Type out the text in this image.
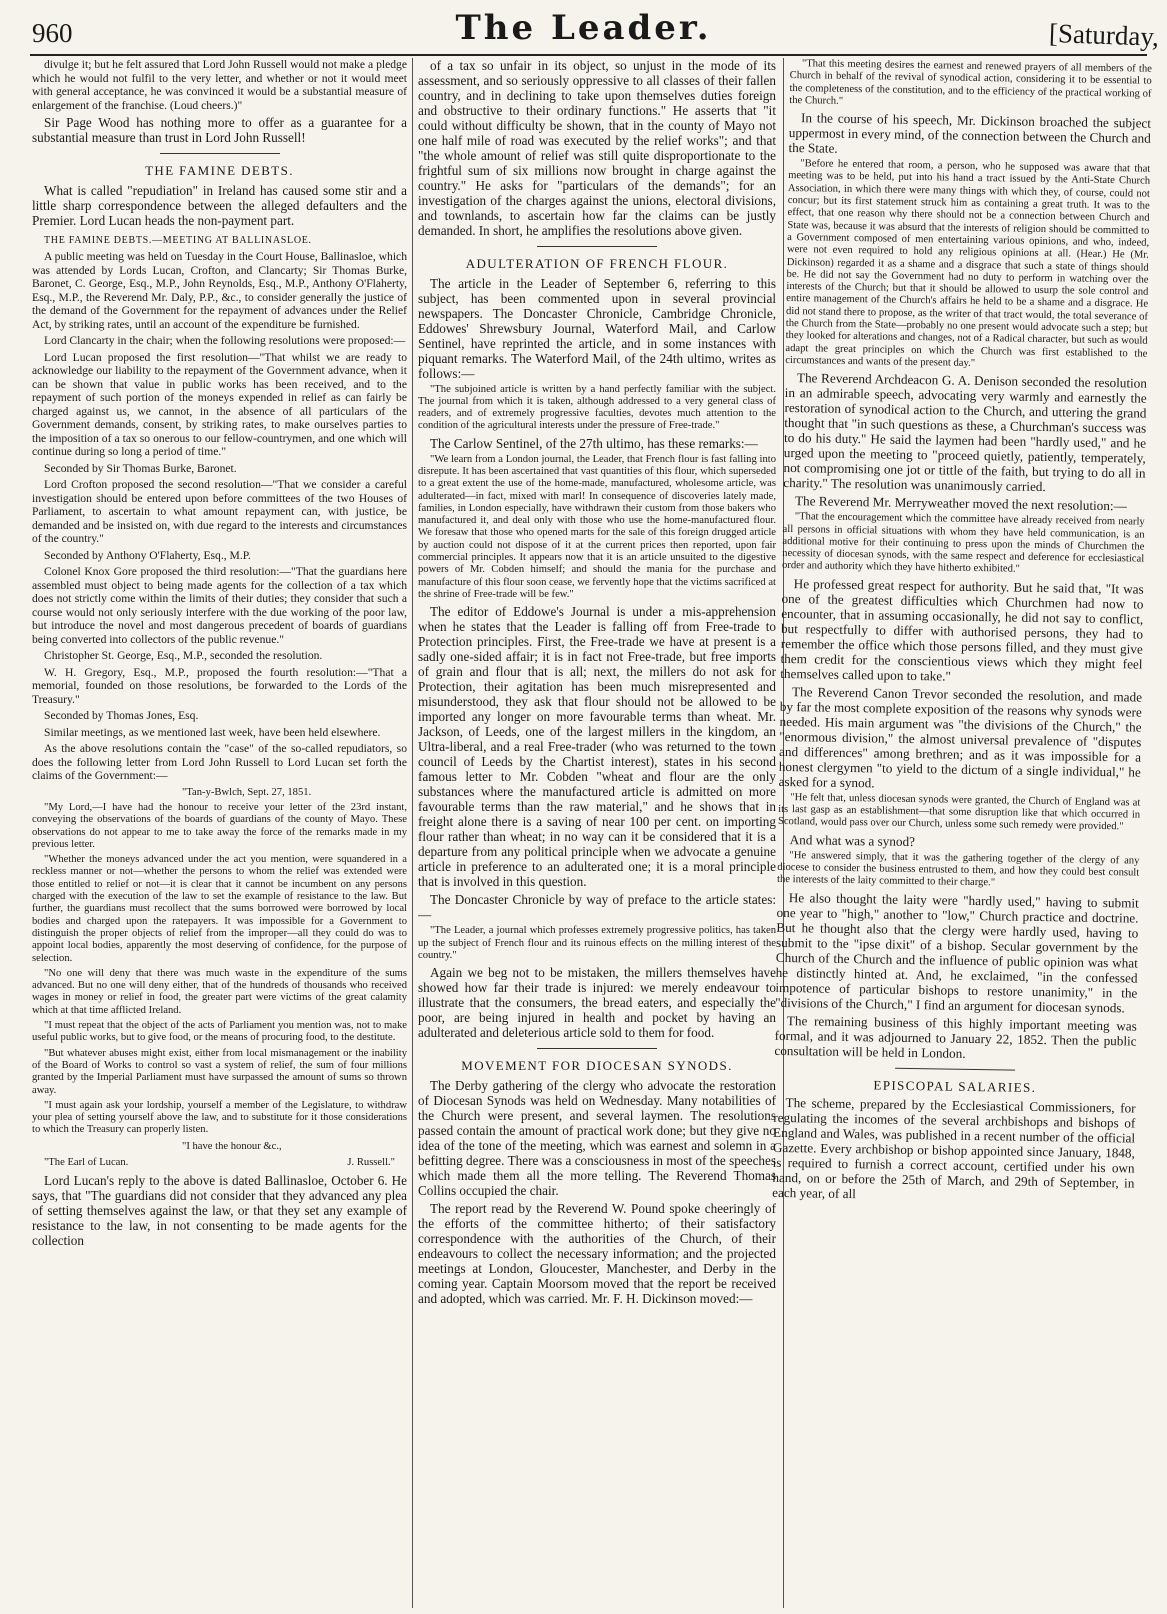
960	The Leader.	[Saturday,

divulge it; but he felt assured that Lord John Russell would not make a pledge which he would not fulfil to the very letter, and whether or not it would meet with general acceptance, he was convinced it would be a substantial measure of enlargement of the franchise. (Loud cheers.)"

Sir Page Wood has nothing more to offer as a guarantee for a substantial measure than trust in Lord John Russell!

THE FAMINE DEBTS.

What is called "repudiation" in Ireland has caused some stir and a little sharp correspondence between the alleged defaulters and the Premier. Lord Lucan heads the non-payment part.

THE FAMINE DEBTS.—MEETING AT BALLINASLOE.

A public meeting was held on Tuesday in the Court House, Ballinasloe, which was attended by Lords Lucan, Crofton, and Clancarty; Sir Thomas Burke, Baronet, C. George, Esq., M.P., John Reynolds, Esq., M.P., Anthony O'Flaherty, Esq., M.P., the Reverend Mr. Daly, P.P., &c., to consider generally the justice of the demand of the Government for the repayment of advances under the Relief Act, by striking rates, until an account of the expenditure be furnished.

Lord Clancarty in the chair; when the following resolutions were proposed:—

Lord Lucan proposed the first resolution—"That whilst we are ready to acknowledge our liability to the repayment of the Government advance, when it can be shown that value in public works has been received, and to the repayment of such portion of the moneys expended in relief as can fairly be charged against us, we cannot, in the absence of all particulars of the Government demands, consent, by striking rates, to make ourselves parties to the imposition of a tax so onerous to our fellow-countrymen, and one which will continue during so long a period of time."

Seconded by Sir Thomas Burke, Baronet.

Lord Crofton proposed the second resolution—"That we consider a careful investigation should be entered upon before committees of the two Houses of Parliament, to ascertain to what amount repayment can, with justice, be demanded and be insisted on, with due regard to the interests and circumstances of the country."

Seconded by Anthony O'Flaherty, Esq., M.P.

Colonel Knox Gore proposed the third resolution:—"That the guardians here assembled must object to being made agents for the collection of a tax which does not strictly come within the limits of their duties; they consider that such a course would not only seriously interfere with the due working of the poor law, but introduce the novel and most dangerous precedent of boards of guardians being converted into collectors of the public revenue."

Christopher St. George, Esq., M.P., seconded the resolution.

W. H. Gregory, Esq., M.P., proposed the fourth resolution:—"That a memorial, founded on those resolutions, be forwarded to the Lords of the Treasury."

Seconded by Thomas Jones, Esq.

Similar meetings, as we mentioned last week, have been held elsewhere.

As the above resolutions contain the "case" of the so-called repudiators, so does the following letter from Lord John Russell to Lord Lucan set forth the claims of the Government:—

"Tan-y-Bwlch, Sept. 27, 1851.

"My Lord,—I have had the honour to receive your letter of the 23rd instant, conveying the observations of the boards of guardians of the county of Mayo. These observations do not appear to me to take away the force of the remarks made in my previous letter.

"Whether the moneys advanced under the act you mention, were squandered in a reckless manner or not—whether the persons to whom the relief was extended were those entitled to relief or not—it is clear that it cannot be incumbent on any persons charged with the execution of the law to set the example of resistance to the law. But further, the guardians must recollect that the sums borrowed were borrowed by local bodies and charged upon the ratepayers. It was impossible for a Government to distinguish the proper objects of relief from the improper—all they could do was to appoint local bodies, apparently the most deserving of confidence, for the purpose of selection.

"No one will deny that there was much waste in the expenditure of the sums advanced. But no one will deny either, that of the hundreds of thousands who received wages in money or relief in food, the greater part were victims of the great calamity which at that time afflicted Ireland.

"I must repeat that the object of the acts of Parliament you mention was, not to make useful public works, but to give food, or the means of procuring food, to the destitute.

"But whatever abuses might exist, either from local mismanagement or the inability of the Board of Works to control so vast a system of relief, the sum of four millions granted by the Imperial Parliament must have surpassed the amount of sums so thrown away.

"I must again ask your lordship, yourself a member of the Legislature, to withdraw your plea of setting yourself above the law, and to substitute for it those considerations to which the Treasury can properly listen.

"I have the honour &c.,

"The Earl of Lucan.	J. Russell."

Lord Lucan's reply to the above is dated Ballinasloe, October 6. He says, that "The guardians did not consider that they advanced any plea of setting themselves against the law, or that they set any example of resistance to the law, in not consenting to be made agents for the collection

of a tax so unfair in its object, so unjust in the mode of its assessment, and so seriously oppressive to all classes of their fallen country, and in declining to take upon themselves duties foreign and obstructive to their ordinary functions." He asserts that "it could without difficulty be shown, that in the county of Mayo not one half mile of road was executed by the relief works"; and that "the whole amount of relief was still quite disproportionate to the frightful sum of six millions now brought in charge against the country." He asks for "particulars of the demands"; for an investigation of the charges against the unions, electoral divisions, and townlands, to ascertain how far the claims can be justly demanded. In short, he amplifies the resolutions above given.

ADULTERATION OF FRENCH FLOUR.

The article in the Leader of September 6, referring to this subject, has been commented upon in several provincial newspapers. The Doncaster Chronicle, Cambridge Chronicle, Eddowes' Shrewsbury Journal, Waterford Mail, and Carlow Sentinel, have reprinted the article, and in some instances with piquant remarks. The Waterford Mail, of the 24th ultimo, writes as follows:—

"The subjoined article is written by a hand perfectly familiar with the subject. The journal from which it is taken, although addressed to a very general class of readers, and of extremely progressive faculties, devotes much attention to the condition of the agricultural interests under the pressure of Free-trade."

The Carlow Sentinel, of the 27th ultimo, has these remarks:—

"We learn from a London journal, the Leader, that French flour is fast falling into disrepute. It has been ascertained that vast quantities of this flour, which superseded to a great extent the use of the home-made, manufactured, wholesome article, was adulterated—in fact, mixed with marl! In consequence of discoveries lately made, families, in London especially, have withdrawn their custom from those bakers who manufactured it, and deal only with those who use the home-manufactured flour. We foresaw that those who opened marts for the sale of this foreign drugged article by auction could not dispose of it at the current prices then reported, upon fair commercial principles. It appears now that it is an article unsuited to the digestive powers of Mr. Cobden himself; and should the mania for the purchase and manufacture of this flour soon cease, we fervently hope that the victims sacrificed at the shrine of Free-trade will be few."

The editor of Eddowe's Journal is under a mis-apprehension when he states that the Leader is falling off from Free-trade to Protection principles. First, the Free-trade we have at present is a sadly one-sided affair; it is in fact not Free-trade, but free imports of grain and flour that is all; next, the millers do not ask for Protection, their agitation has been much misrepresented and misunderstood, they ask that flour should not be allowed to be imported any longer on more favourable terms than wheat. Mr. Jackson, of Leeds, one of the largest millers in the kingdom, an Ultra-liberal, and a real Free-trader (who was returned to the town council of Leeds by the Chartist interest), states in his second famous letter to Mr. Cobden "wheat and flour are the only substances where the manufactured article is admitted on more favourable terms than the raw material," and he shows that in freight alone there is a saving of near 100 per cent. on importing flour rather than wheat; in no way can it be considered that it is a departure from any political principle when we advocate a genuine article in preference to an adulterated one; it is a moral principle that is involved in this question.

The Doncaster Chronicle by way of preface to the article states:—

"The Leader, a journal which professes extremely progressive politics, has taken up the subject of French flour and its ruinous effects on the milling interest of the country."

Again we beg not to be mistaken, the millers themselves have showed how far their trade is injured: we merely endeavour to illustrate that the consumers, the bread eaters, and especially the poor, are being injured in health and pocket by having an adulterated and deleterious article sold to them for food.

MOVEMENT FOR DIOCESAN SYNODS.

The Derby gathering of the clergy who advocate the restoration of Diocesan Synods was held on Wednesday. Many notabilities of the Church were present, and several laymen. The resolutions passed contain the amount of practical work done; but they give no idea of the tone of the meeting, which was earnest and solemn in a befitting degree. There was a consciousness in most of the speeches which made them all the more telling. The Reverend Thomas Collins occupied the chair.

The report read by the Reverend W. Pound spoke cheeringly of the efforts of the committee hitherto; of their satisfactory correspondence with the authorities of the Church, of their endeavours to collect the necessary information; and the projected meetings at London, Gloucester, Manchester, and Derby in the coming year. Captain Moorsom moved that the report be received and adopted, which was carried. Mr. F. H. Dickinson moved:—

"That this meeting desires the earnest and renewed prayers of all members of the Church in behalf of the revival of synodical action, considering it to be essential to the completeness of the constitution, and to the efficiency of the practical working of the Church."

In the course of his speech, Mr. Dickinson broached the subject uppermost in every mind, of the connection between the Church and the State.

"Before he entered that room, a person, who he supposed was aware that that meeting was to be held, put into his hand a tract issued by the Anti-State Church Association, in which there were many things with which they, of course, could not concur; but its first statement struck him as containing a great truth. It was to the effect, that one reason why there should not be a connection between Church and State was, because it was absurd that the interests of religion should be committed to a Government composed of men entertaining various opinions, and who, indeed, were not even required to hold any religious opinions at all. (Hear.) He (Mr. Dickinson) regarded it as a shame and a disgrace that such a state of things should be. He did not say the Government had no duty to perform in watching over the interests of the Church; but that it should be allowed to usurp the sole control and entire management of the Church's affairs he held to be a shame and a disgrace. He did not stand there to propose, as the writer of that tract would, the total severance of the Church from the State—probably no one present would advocate such a step; but they looked for alterations and changes, not of a Radical character, but such as would adapt the great principles on which the Church was first established to the circumstances and wants of the present day."

The Reverend Archdeacon G. A. Denison seconded the resolution in an admirable speech, advocating very warmly and earnestly the restoration of synodical action to the Church, and uttering the grand thought that "in such questions as these, a Churchman's success was to do his duty." He said the laymen had been "hardly used," and he urged upon the meeting to "proceed quietly, patiently, temperately, not compromising one jot or tittle of the faith, but trying to do all in charity." The resolution was unanimously carried.

The Reverend Mr. Merryweather moved the next resolution:—

"That the encouragement which the committee have already received from nearly all persons in official situations with whom they have held communication, is an additional motive for their continuing to press upon the minds of Churchmen the necessity of diocesan synods, with the same respect and deference for ecclesiastical order and authority which they have hitherto exhibited."

He professed great respect for authority. But he said that, "It was one of the greatest difficulties which Churchmen had now to encounter, that in assuming occasionally, he did not say to conflict, but respectfully to differ with authorised persons, they had to remember the office which those persons filled, and they must give them credit for the conscientious views which they might feel themselves called upon to take."

The Reverend Canon Trevor seconded the resolution, and made by far the most complete exposition of the reasons why synods were needed. His main argument was "the divisions of the Church," the "enormous division," the almost universal prevalence of "disputes and differences" among brethren; and as it was impossible for a honest clergymen "to yield to the dictum of a single individual," he asked for a synod.

"He felt that, unless diocesan synods were granted, the Church of England was at its last gasp as an establishment—that some disruption like that which occurred in Scotland, would pass over our Church, unless some such remedy were provided."

And what was a synod?

"He answered simply, that it was the gathering together of the clergy of any diocese to consider the business entrusted to them, and how they could best consult the interests of the laity committed to their charge."

He also thought the laity were "hardly used," having to submit one year to "high," another to "low," Church practice and doctrine. But he thought also that the clergy were hardly used, having to submit to the "ipse dixit" of a bishop. Secular government by the Church of the Church and the influence of public opinion was what he distinctly hinted at. And, he exclaimed, "in the confessed impotence of particular bishops to restore unanimity," in the "divisions of the Church," I find an argument for diocesan synods.

The remaining business of this highly important meeting was formal, and it was adjourned to January 22, 1852. Then the public consultation will be held in London.

EPISCOPAL SALARIES.

The scheme, prepared by the Ecclesiastical Commissioners, for regulating the incomes of the several archbishops and bishops of England and Wales, was published in a recent number of the official Gazette. Every archbishop or bishop appointed since January, 1848, is required to furnish a correct account, certified under his own hand, on or before the 25th of March, and 29th of September, in each year, of all
